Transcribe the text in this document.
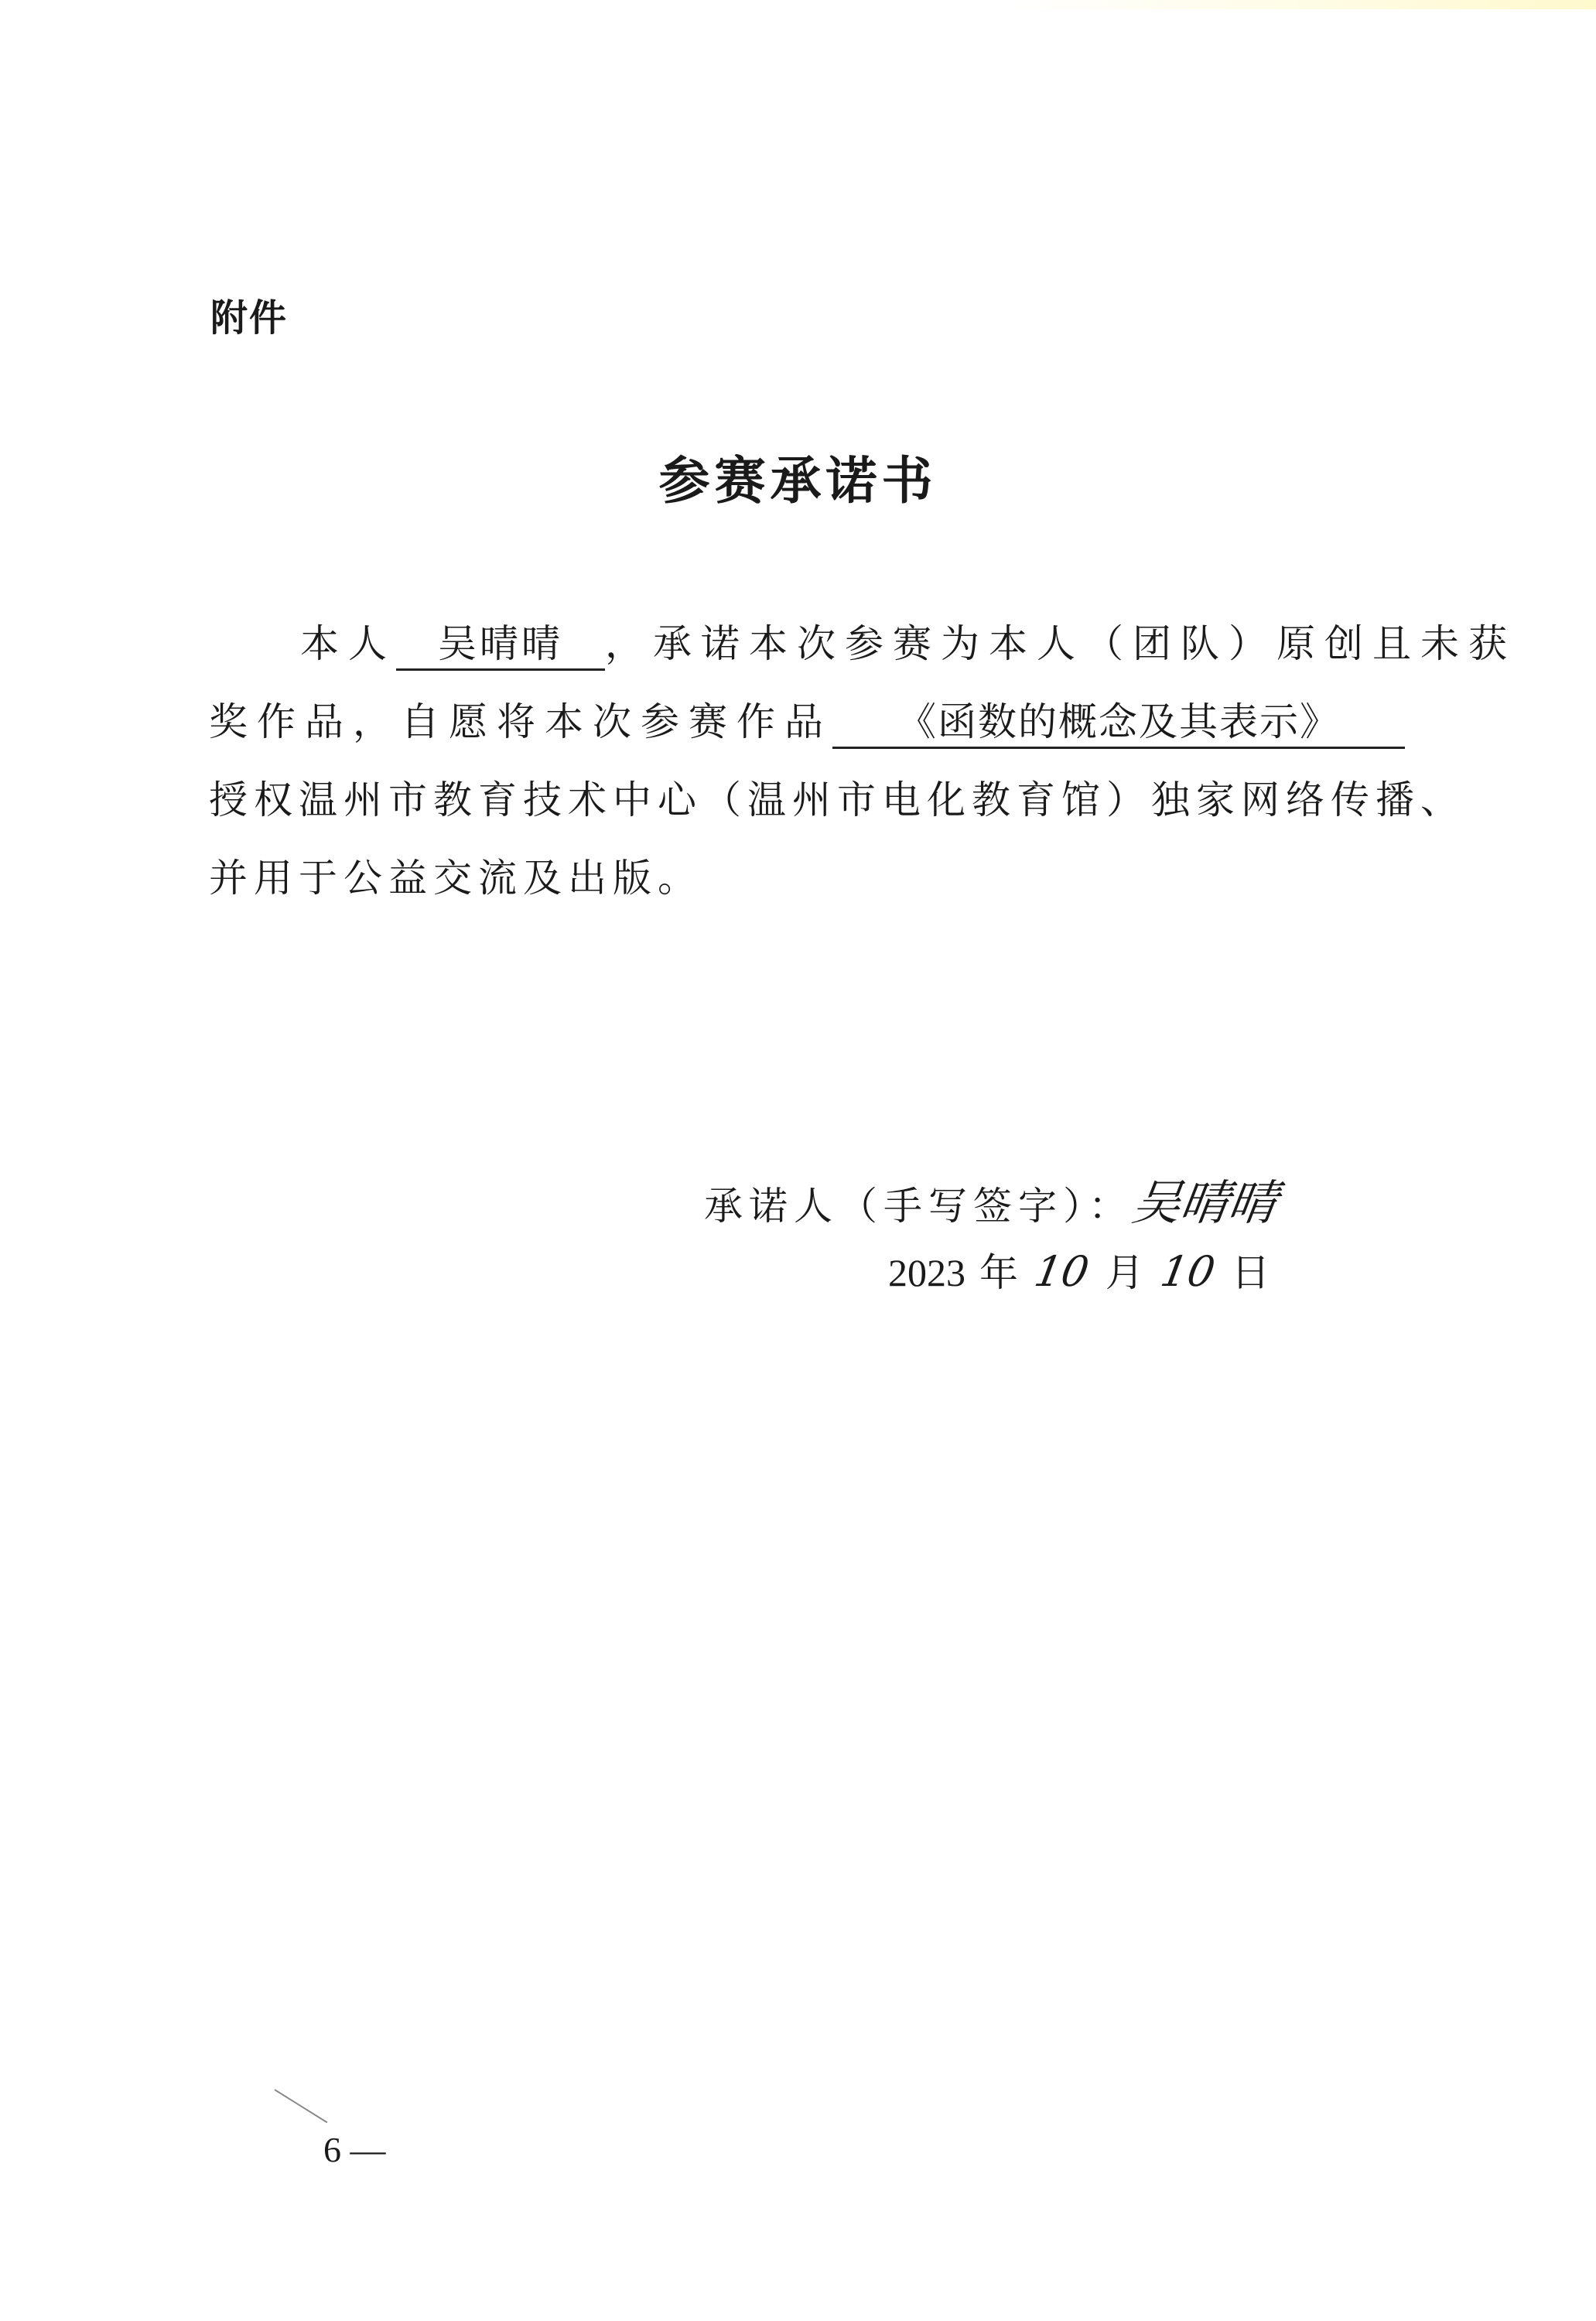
附件
参赛承诺书
本人 吴晴晴 ，承诺本次参赛为本人（团队）原创且未获
奖作品，自愿将本次参赛作品 《函数的概念及其表示》
授权温州市教育技术中心（温州市电化教育馆）独家网络传播、
并用于公益交流及出版。
承诺人（手写签字）：吴晴晴
2023 年 10 月 10 日
6 —
